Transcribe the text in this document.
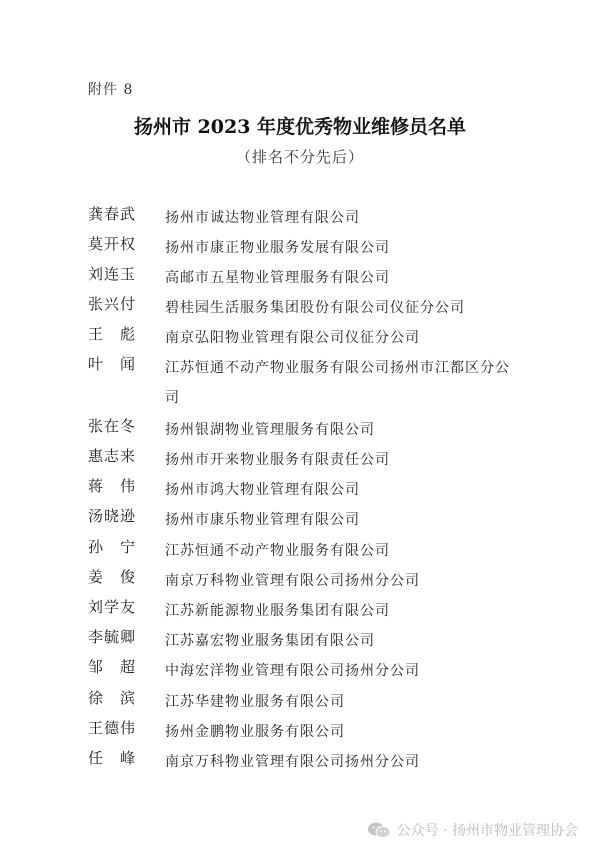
附件 8
扬州市 2023 年度优秀物业维修员名单
（排名不分先后）
龚春武	扬州市诚达物业管理有限公司
莫开权	扬州市康正物业服务发展有限公司
刘连玉	高邮市五星物业管理服务有限公司
张兴付	碧桂园生活服务集团股份有限公司仪征分公司
王　彪	南京弘阳物业管理有限公司仪征分公司
叶　闻	江苏恒通不动产物业服务有限公司扬州市江都区分公司
张在冬	扬州银湖物业管理服务有限公司
惠志来	扬州市开来物业服务有限责任公司
蒋　伟	扬州市鸿大物业管理有限公司
汤晓逊	扬州市康乐物业管理有限公司
孙　宁	江苏恒通不动产物业服务有限公司
姜　俊	南京万科物业管理有限公司扬州分公司
刘学友	江苏新能源物业服务集团有限公司
李毓卿	江苏嘉宏物业服务集团有限公司
邹　超	中海宏洋物业管理有限公司扬州分公司
徐　滨	江苏华建物业服务有限公司
王德伟	扬州金鹏物业服务有限公司
任　峰	南京万科物业管理有限公司扬州分公司
公众号 · 扬州市物业管理协会
